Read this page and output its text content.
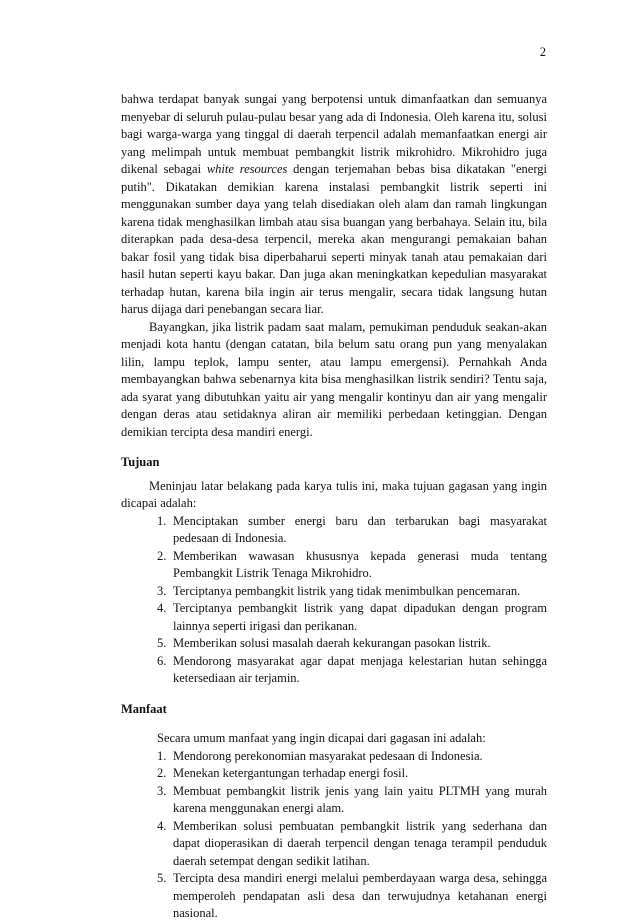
2

bahwa terdapat banyak sungai yang berpotensi untuk dimanfaatkan dan semuanya menyebar di seluruh pulau-pulau besar yang ada di Indonesia. Oleh karena itu, solusi bagi warga-warga yang tinggal di daerah terpencil adalah memanfaatkan energi air yang melimpah untuk membuat pembangkit listrik mikrohidro. Mikrohidro juga dikenal sebagai white resources dengan terjemahan bebas bisa dikatakan "energi putih". Dikatakan demikian karena instalasi pembangkit listrik seperti ini menggunakan sumber daya yang telah disediakan oleh alam dan ramah lingkungan karena tidak menghasilkan limbah atau sisa buangan yang berbahaya. Selain itu, bila diterapkan pada desa-desa terpencil, mereka akan mengurangi pemakaian bahan bakar fosil yang tidak bisa diperbaharui seperti minyak tanah atau pemakaian dari hasil hutan seperti kayu bakar. Dan juga akan meningkatkan kepedulian masyarakat terhadap hutan, karena bila ingin air terus mengalir, secara tidak langsung hutan harus dijaga dari penebangan secara liar.

Bayangkan, jika listrik padam saat malam, pemukiman penduduk seakan-akan menjadi kota hantu (dengan catatan, bila belum satu orang pun yang menyalakan lilin, lampu teplok, lampu senter, atau lampu emergensi). Pernahkah Anda membayangkan bahwa sebenarnya kita bisa menghasilkan listrik sendiri? Tentu saja, ada syarat yang dibutuhkan yaitu air yang mengalir kontinyu dan air yang mengalir dengan deras atau setidaknya aliran air memiliki perbedaan ketinggian. Dengan demikian tercipta desa mandiri energi.

Tujuan

Meninjau latar belakang pada karya tulis ini, maka tujuan gagasan yang ingin dicapai adalah:

1. Menciptakan sumber energi baru dan terbarukan bagi masyarakat pedesaan di Indonesia.
2. Memberikan wawasan khususnya kepada generasi muda tentang Pembangkit Listrik Tenaga Mikrohidro.
3. Terciptanya pembangkit listrik yang tidak menimbulkan pencemaran.
4. Terciptanya pembangkit listrik yang dapat dipadukan dengan program lainnya seperti irigasi dan perikanan.
5. Memberikan solusi masalah daerah kekurangan pasokan listrik.
6. Mendorong masyarakat agar dapat menjaga kelestarian hutan sehingga ketersediaan air terjamin.
Manfaat

Secara umum manfaat yang ingin dicapai dari gagasan ini adalah:

1. Mendorong perekonomian masyarakat pedesaan di Indonesia.
2. Menekan ketergantungan terhadap energi fosil.
3. Membuat pembangkit listrik jenis yang lain yaitu PLTMH yang murah karena menggunakan energi alam.
4. Memberikan solusi pembuatan pembangkit listrik yang sederhana dan dapat dioperasikan di daerah terpencil dengan tenaga terampil penduduk daerah setempat dengan sedikit latihan.
5. Tercipta desa mandiri energi melalui pemberdayaan warga desa, sehingga memperoleh pendapatan asli desa dan terwujudnya ketahanan energi nasional.
